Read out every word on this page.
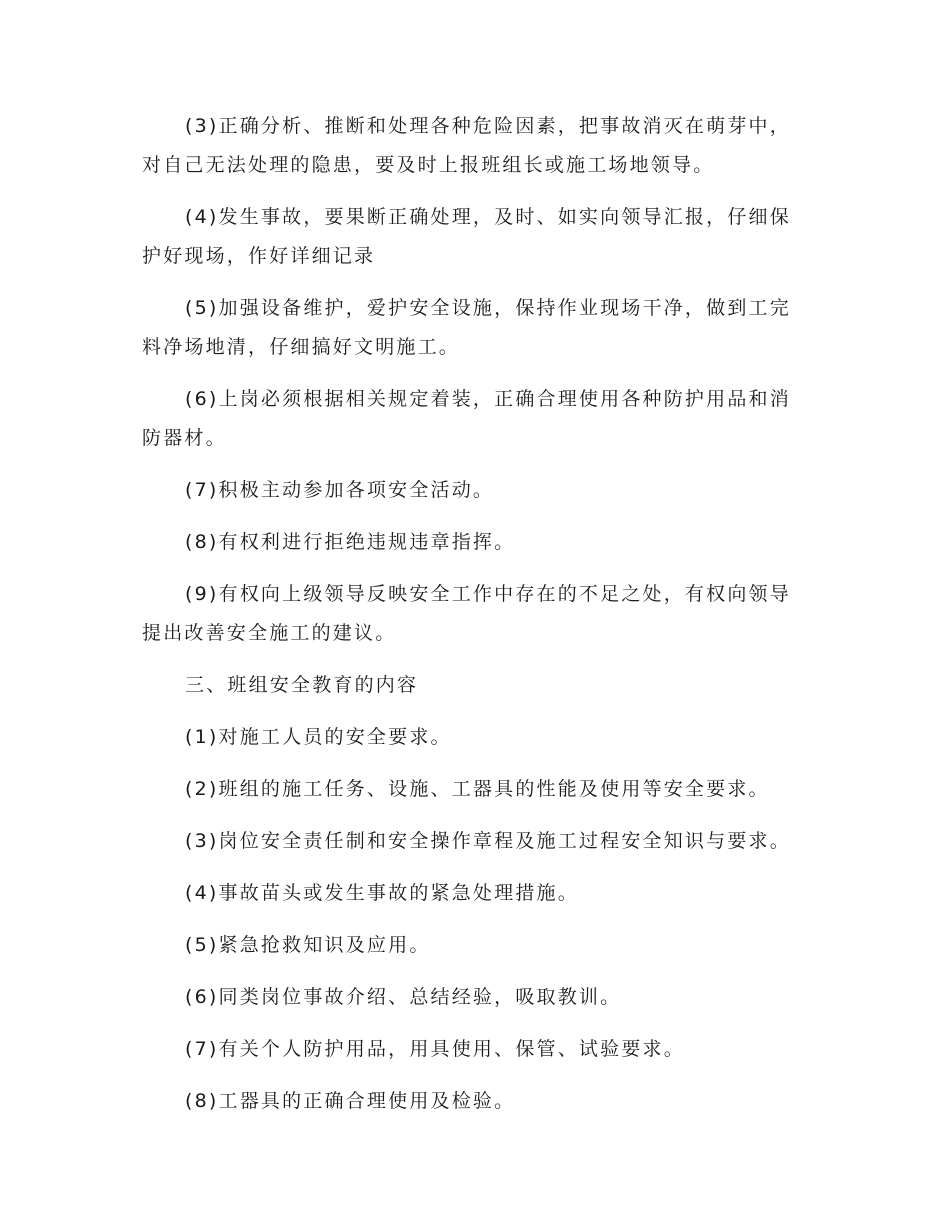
(3)正确分析、推断和处理各种危险因素，把事故消灭在萌芽中，对自己无法处理的隐患，要及时上报班组长或施工场地领导。

(4)发生事故，要果断正确处理，及时、如实向领导汇报，仔细保护好现场，作好详细记录

(5)加强设备维护，爱护安全设施，保持作业现场干净，做到工完料净场地清，仔细搞好文明施工。

(6)上岗必须根据相关规定着装，正确合理使用各种防护用品和消防器材。

(7)积极主动参加各项安全活动。

(8)有权利进行拒绝违规违章指挥。

(9)有权向上级领导反映安全工作中存在的不足之处，有权向领导提出改善安全施工的建议。

三、班组安全教育的内容

(1)对施工人员的安全要求。

(2)班组的施工任务、设施、工器具的性能及使用等安全要求。

(3)岗位安全责任制和安全操作章程及施工过程安全知识与要求。

(4)事故苗头或发生事故的紧急处理措施。

(5)紧急抢救知识及应用。

(6)同类岗位事故介绍、总结经验，吸取教训。

(7)有关个人防护用品，用具使用、保管、试验要求。

(8)工器具的正确合理使用及检验。
